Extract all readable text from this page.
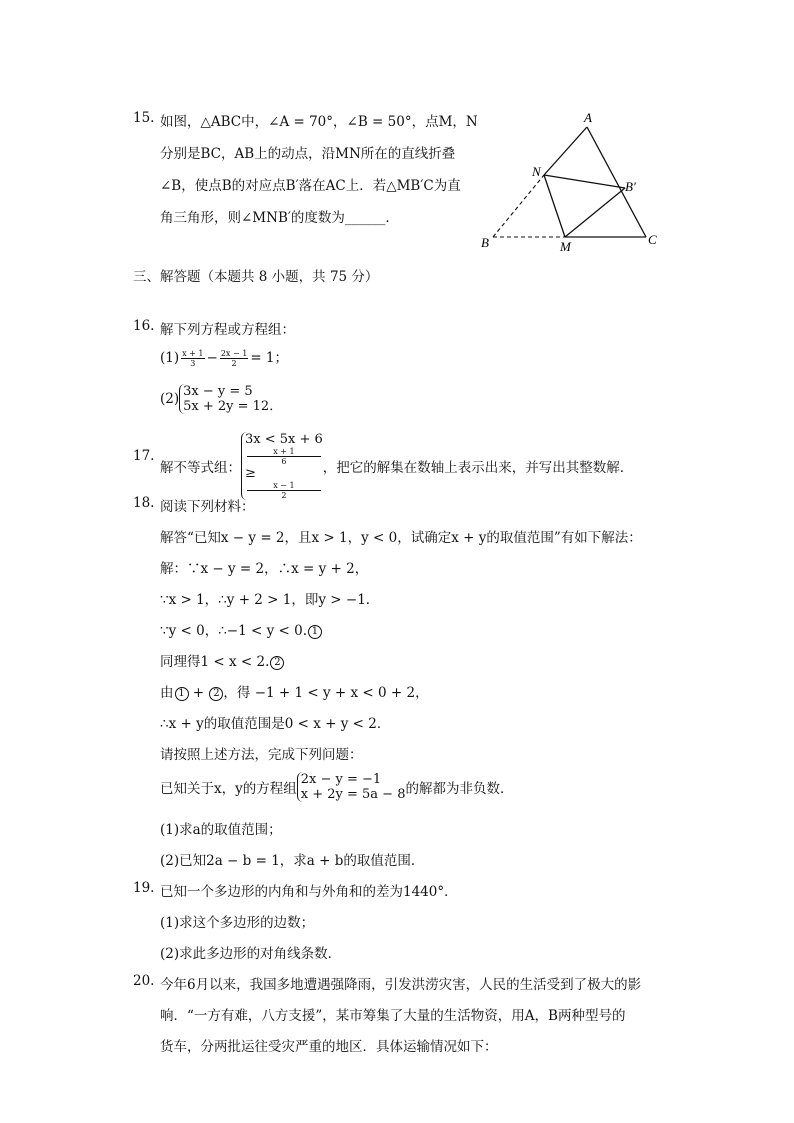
15. 如图，△ABC中，∠A = 70°，∠B = 50°，点M，N
分别是BC，AB上的动点，沿MN所在的直线折叠
∠B，使点B的对应点B′落在AC上．若△MB′C为直
角三角形，则∠MNB′的度数为______．
A
N
B′
B	M	C
三、解答题（本题共 8 小题，共 75 分）
16. 解下列方程或方程组：
$(1) \frac{x + 1}{3} - \frac{2x - 1}{2} = 1$；
(2) 3x − y = 5
5x + 2y = 12．
17.
解不等式组：
3x < 5x + 6
x + 1
6
≥
x − 1
2
，把它的解集在数轴上表示出来，并写出其整数解．
18. 阅读下列材料：
解答“已知x − y = 2，且x > 1，y < 0，试确定x + y的取值范围”有如下解法：
解：∵x − y = 2，∴x = y + 2，
∵x > 1，∴y + 2 > 1，即y > −1．
∵y < 0，∴−1 < y < 0. 1
同理得1 < x < 2. 2
由 1 + 2 ，得 −1 + 1 < y + x < 0 + 2，
∴x + y的取值范围是0 < x + y < 2．
请按照上述方法，完成下列问题：
已知关于x，y的方程组
2x − y = −1
x + 2y = 5a − 8 的解都为非负数．
(1)求a的取值范围；
(2)已知2a − b = 1，求a + b的取值范围．
19. 已知一个多边形的内角和与外角和的差为1440°．
(1)求这个多边形的边数；
(2)求此多边形的对角线条数．
20. 今年6月以来，我国多地遭遇强降雨，引发洪涝灾害，人民的生活受到了极大的影
响．“一方有难，八方支援”，某市筹集了大量的生活物资，用A，B两种型号的
货车，分两批运往受灾严重的地区．具体运输情况如下：
